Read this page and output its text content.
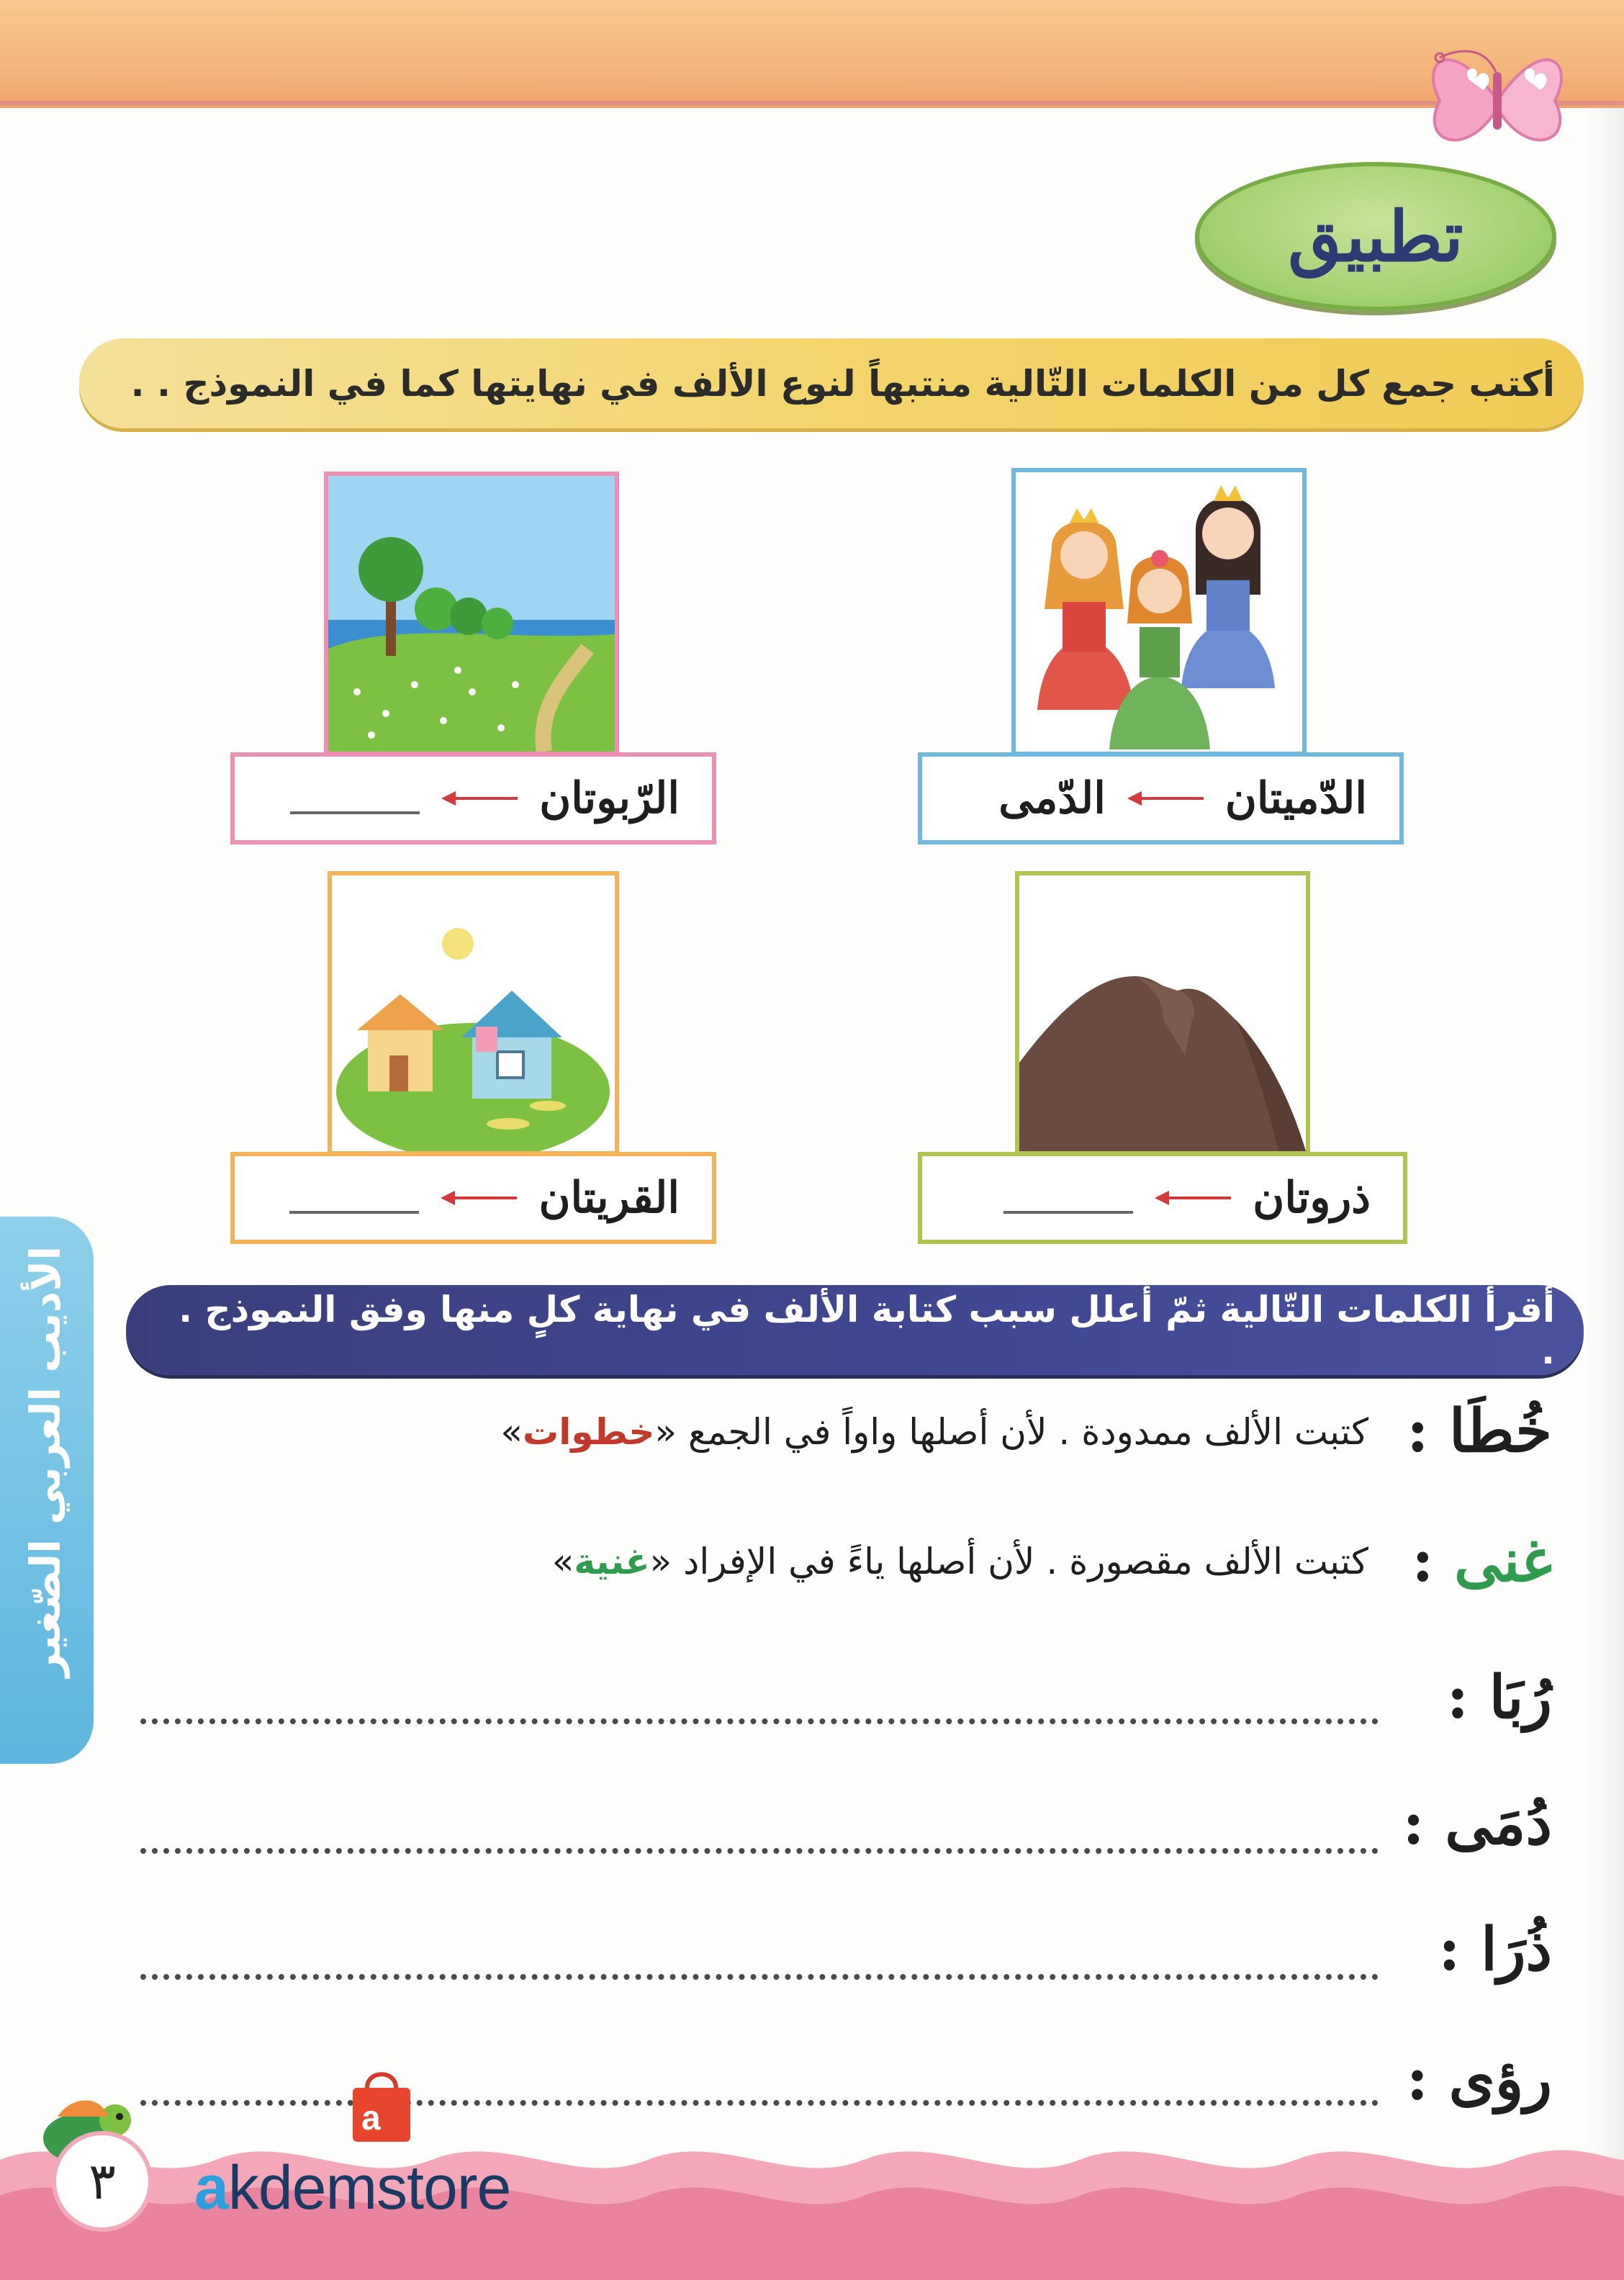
تطبيق
أكتب جمع كل من الكلمات التّالية منتبهاً لنوع الألف في نهايتها كما في النموذج . .
الدّميتان
الدّمى
الرّبوتان
ذروتان
القريتان
الأديب العربي الصّغير	أقرأ الكلمات التّالية ثمّ أعلل سبب كتابة الألف في نهاية كلٍ منها وفق النموذج . .
خُطَا :
كتبت الألف ممدودة . لأن أصلها واواً في الجمع «خطوات»
غنى :
كتبت الألف مقصورة . لأن أصلها ياءً في الإفراد «غنية»
رُبَا :
دُمَى :
ذُرَا :
رؤى :
٣
a
akdemstore
